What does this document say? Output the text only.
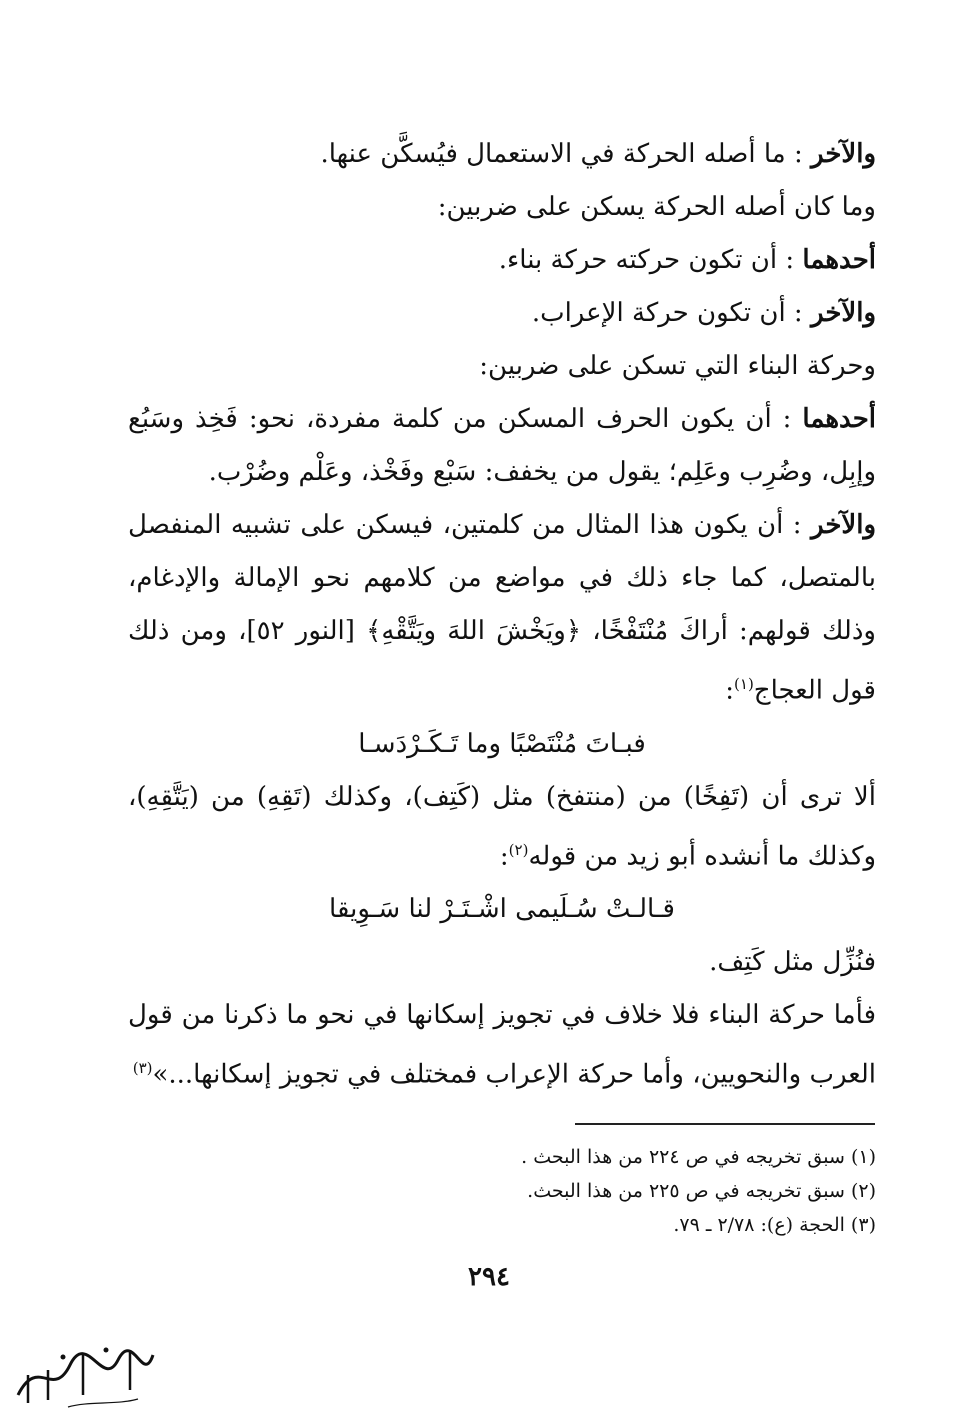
والآخر : ما أصله الحركة في الاستعمال فيُسكَّن عنها.

وما كان أصله الحركة يسكن على ضربين:

أحدهما : أن تكون حركته حركة بناء.

والآخر : أن تكون حركة الإعراب.

وحركة البناء التي تسكن على ضربين:

أحدهما : أن يكون الحرف المسكن من كلمة مفردة، نحو: فَخِذ وسَبُع وإبِل، وضُرِب وعَلِم؛ يقول من يخفف: سَبْع وفَخْذ، وعَلْم وضُرْب.

والآخر : أن يكون هذا المثال من كلمتين، فيسكن على تشبيه المنفصل بالمتصل، كما جاء ذلك في مواضع من كلامهم نحو الإمالة والإدغام، وذلك قولهم: أراكَ مُنْتَفْخًا، ﴿ويَخْشَ اللهَ ويَتَّقْهِ﴾ [النور ٥٢]، ومن ذلك قول العجاج$^{(١)}$:

فبـاتَ مُنْتَصْبًا وما تَـكَـرْدَسـا

ألا ترى أن (تَفِخًا) من (منتفخ) مثل (كَتِف)، وكذلك (تَقِهِ) من (يَتَّقِهِ)، وكذلك ما أنشده أبو زيد من قوله$^{(٢)}$:

قـالـتْ سُـلَيمى اشْـتَـرْ لنا سَـوِيقا

فنُزِّل مثل كَتِف.

فأما حركة البناء فلا خلاف في تجويز إسكانها في نحو ما ذكرنا من قول العرب والنحويين، وأما حركة الإعراب فمختلف في تجويز إسكانها...»$^{(٣)}$

(١) سبق تخريجه في ص ٢٢٤ من هذا البحث .

(٢) سبق تخريجه في ص ٢٢٥ من هذا البحث.

(٣) الحجة (ع): ٢/٧٨ ـ ٧٩.

٢٩٤
